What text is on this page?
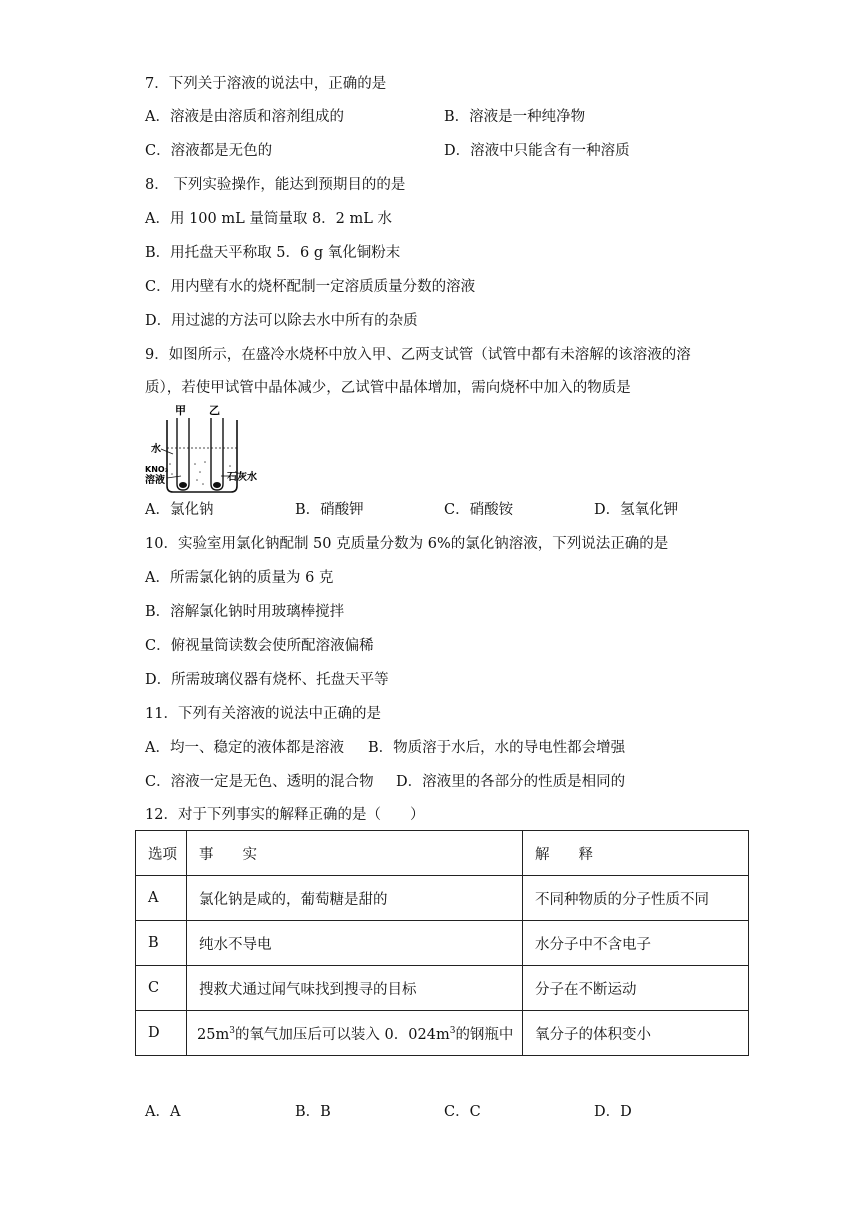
7．下列关于溶液的说法中，正确的是
A．溶液是由溶质和溶剂组成的	B．溶液是一种纯净物
C．溶液都是无色的	D．溶液中只能含有一种溶质
8． 下列实验操作，能达到预期目的的是
A．用 100 mL 量筒量取 8．2 mL 水
B．用托盘天平称取 5．6 g 氧化铜粉末
C．用内壁有水的烧杯配制一定溶质质量分数的溶液
D．用过滤的方法可以除去水中所有的杂质
9．如图所示，在盛冷水烧杯中放入甲、乙两支试管（试管中都有未溶解的该溶液的溶
质），若使甲试管中晶体减少，乙试管中晶体增加，需向烧杯中加入的物质是
甲 乙
水
KNO₃
溶液	石灰水
A．氯化钠	B．硝酸钾	C．硝酸铵	D．氢氧化钾
10．实验室用氯化钠配制 50 克质量分数为 6%的氯化钠溶液，下列说法正确的是
A．所需氯化钠的质量为 6 克
B．溶解氯化钠时用玻璃棒搅拌
C．俯视量筒读数会使所配溶液偏稀
D．所需玻璃仪器有烧杯、托盘天平等
11．下列有关溶液的说法中正确的是
A．均一、稳定的液体都是溶液 B．物质溶于水后，水的导电性都会增强
C．溶液一定是无色、透明的混合物 D．溶液里的各部分的性质是相同的
12．对于下列事实的解释正确的是（　　）
选项	事　　实	解　　释
A	氯化钠是咸的，葡萄糖是甜的	不同种物质的分子性质不同
B	纯水不导电	水分子中不含电子
C	搜救犬通过闻气味找到搜寻的目标	分子在不断运动
D	$25m^3$的氧气加压后可以装入 0．$024m^3$的钢瓶中	氧分子的体积变小
A．A	B．B	C．C	D．D
